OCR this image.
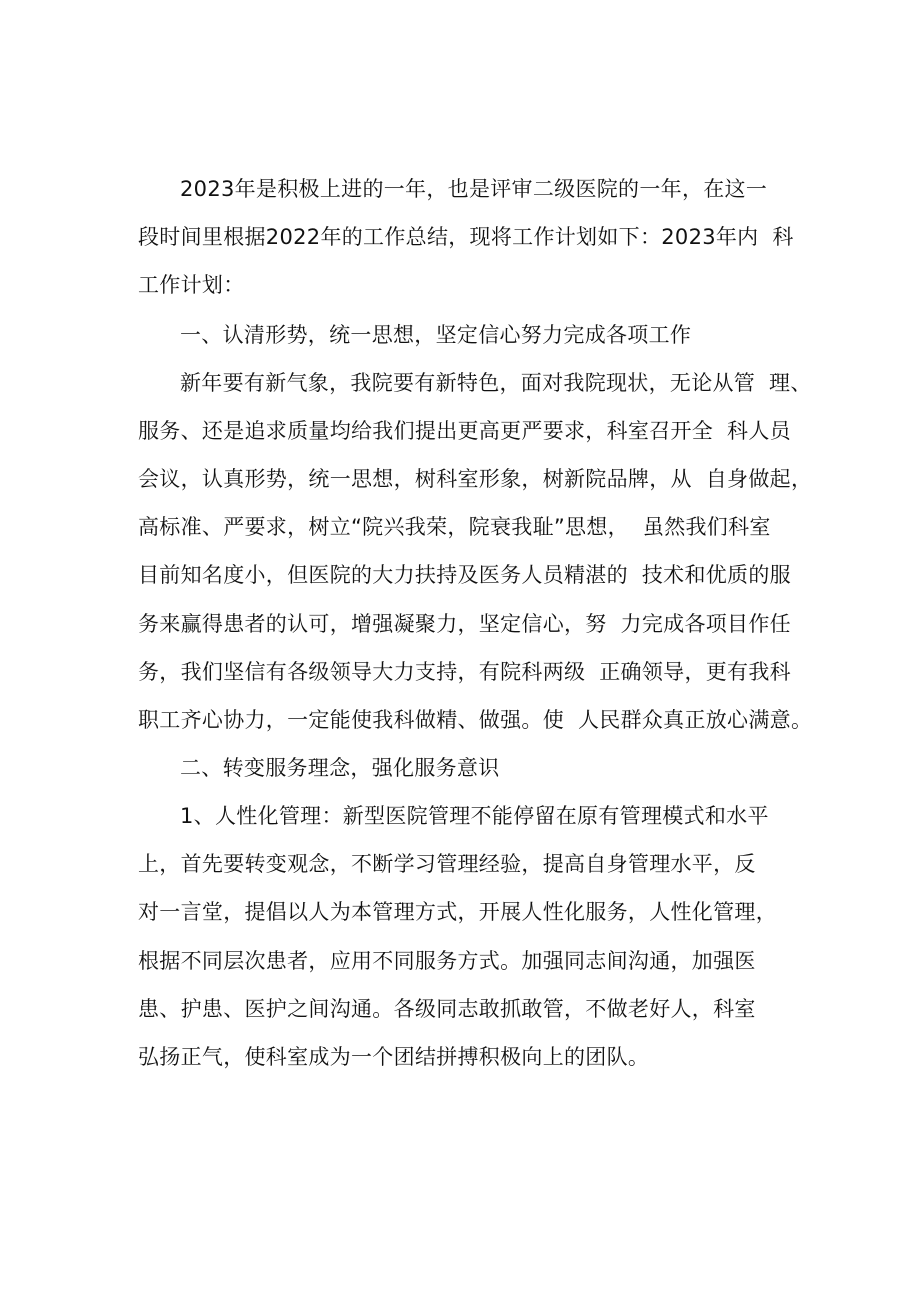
2023年是积极上进的一年，也是评审二级医院的一年，在这一
段时间里根据2022年的工作总结，现将工作计划如下：2023年内  科
工作计划：
一、认清形势，统一思想，坚定信心努力完成各项工作
新年要有新气象，我院要有新特色，面对我院现状，无论从管  理、
服务、还是追求质量均给我们提出更高更严要求，科室召开全  科人员
会议，认真形势，统一思想，树科室形象，树新院品牌，从  自身做起，
高标准、严要求，树立“院兴我荣，院衰我耻”思想，  虽然我们科室
目前知名度小，但医院的大力扶持及医务人员精湛的  技术和优质的服
务来赢得患者的认可，增强凝聚力，坚定信心，努  力完成各项目作任
务，我们坚信有各级领导大力支持，有院科两级  正确领导，更有我科
职工齐心协力，一定能使我科做精、做强。使  人民群众真正放心满意。
二、转变服务理念，强化服务意识
1、人性化管理：新型医院管理不能停留在原有管理模式和水平
上，首先要转变观念，不断学习管理经验，提高自身管理水平，反
对一言堂，提倡以人为本管理方式，开展人性化服务，人性化管理，
根据不同层次患者，应用不同服务方式。加强同志间沟通，加强医
患、护患、医护之间沟通。各级同志敢抓敢管，不做老好人，科室
弘扬正气，使科室成为一个团结拼搏积极向上的团队。
